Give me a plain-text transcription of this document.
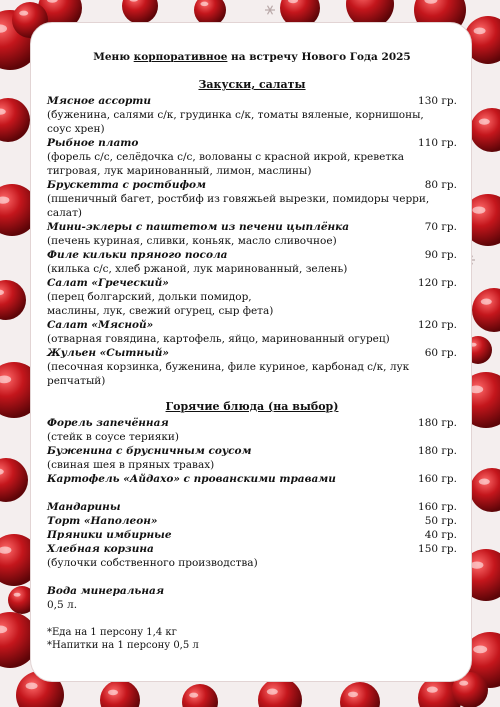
Меню корпоративное на встречу Нового Года 2025
Закуски, салаты
Мясное ассорти	130 гр.
(буженина, салями с/к, грудинка с/к, томаты вяленые, корнишоны,
соус хрен)
Рыбное плато	110 гр.
(форель с/с, селёдочка с/с, волованы с красной икрой, креветка
тигровая, лук маринованный, лимон, маслины)
Брускетта с ростбифом	80 гр.
(пшеничный багет, ростбиф из говяжьей вырезки, помидоры черри,
салат)
Мини-эклеры с паштетом из печени цыплёнка	70 гр.
(печень куриная, сливки, коньяк, масло сливочное)
Филе кильки пряного посола	90 гр.
(килька с/с, хлеб ржаной, лук маринованный, зелень)
Салат «Греческий»	120 гр.
(перец болгарский, дольки помидор,
маслины, лук, свежий огурец, сыр фета)
Салат «Мясной»	120 гр.
(отварная говядина, картофель, яйцо, маринованный огурец)
Жульен «Сытный»	60 гр.
(песочная корзинка, буженина, филе куриное, карбонад с/к, лук
репчатый)
Горячие блюда (на выбор)
Форель запечённая	180 гр.
(стейк в соусе терияки)
Буженина с брусничным соусом	180 гр.
(свиная шея в пряных травах)
Картофель «Айдахо» с прованскими травами	160 гр.
Мандарины	160 гр.
Торт «Наполеон»	50 гр.
Пряники имбирные	40 гр.
Хлебная корзина	150 гр.
(булочки собственного производства)
Вода минеральная
0,5 л.
*Еда на 1 персону 1,4 кг
*Напитки на 1 персону 0,5 л
